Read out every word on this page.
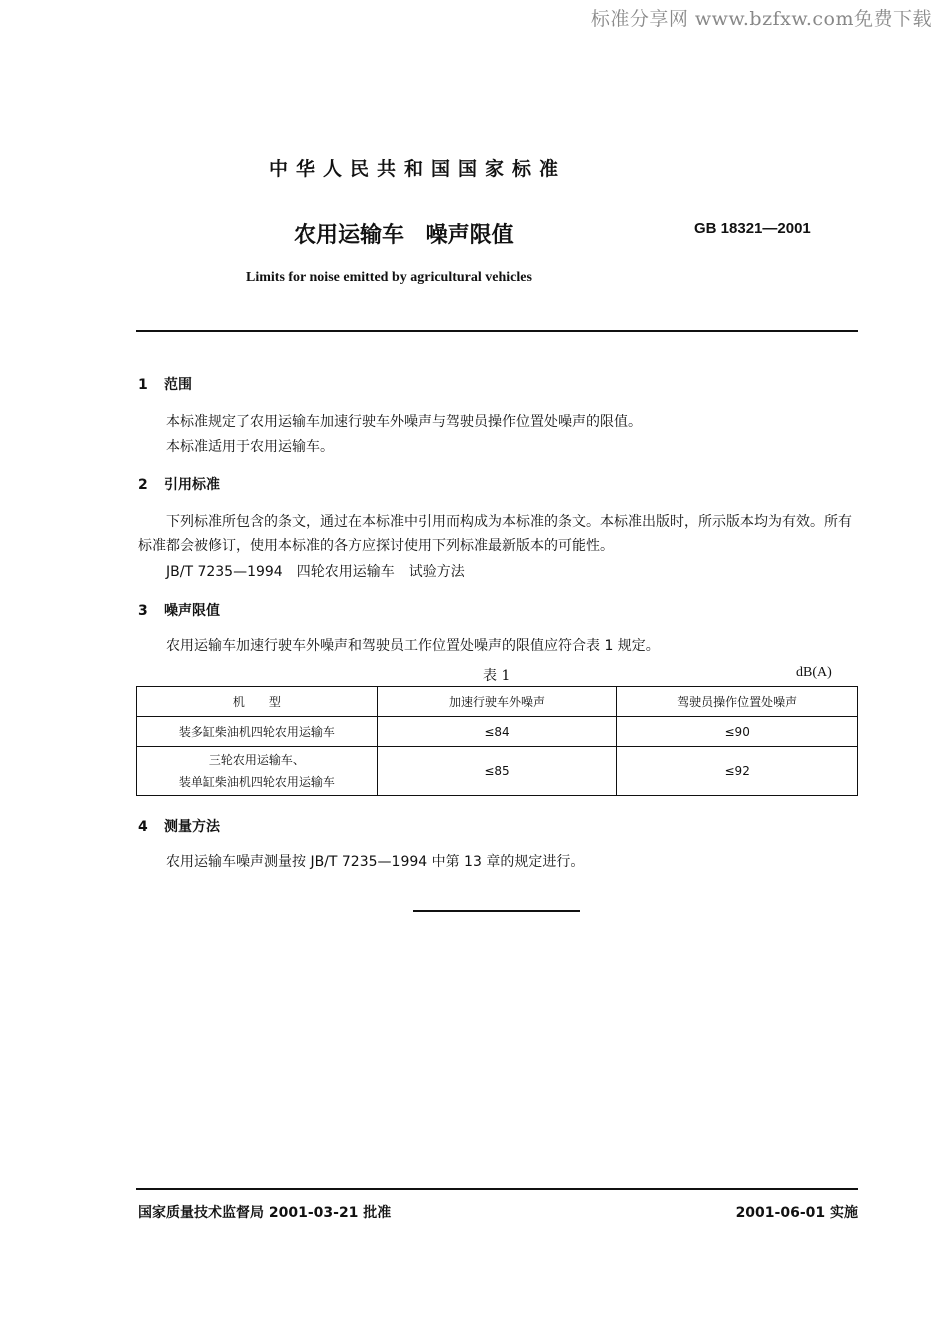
标准分享网 www.bzfxw.com免费下载
中华人民共和国国家标准
农用运输车 噪声限值	GB 18321—2001
Limits for noise emitted by agricultural vehicles
1 范围
本标准规定了农用运输车加速行驶车外噪声与驾驶员操作位置处噪声的限值。
本标准适用于农用运输车。
2 引用标准
下列标准所包含的条文，通过在本标准中引用而构成为本标准的条文。本标准出版时，所示版本均为有效。所有标准都会被修订，使用本标准的各方应探讨使用下列标准最新版本的可能性。
JB/T 7235—1994　四轮农用运输车　试验方法
3 噪声限值
农用运输车加速行驶车外噪声和驾驶员工作位置处噪声的限值应符合表 1 规定。
表 1	dB(A)
机　　型	加速行驶车外噪声	驾驶员操作位置处噪声
装多缸柴油机四轮农用运输车	≤84	≤90

三轮农用运输车、
装单缸柴油机四轮农用运输车	≤85	≤92
4 测量方法
农用运输车噪声测量按 JB/T 7235—1994 中第 13 章的规定进行。
国家质量技术监督局 2001-03-21 批准	2001-06-01 实施
